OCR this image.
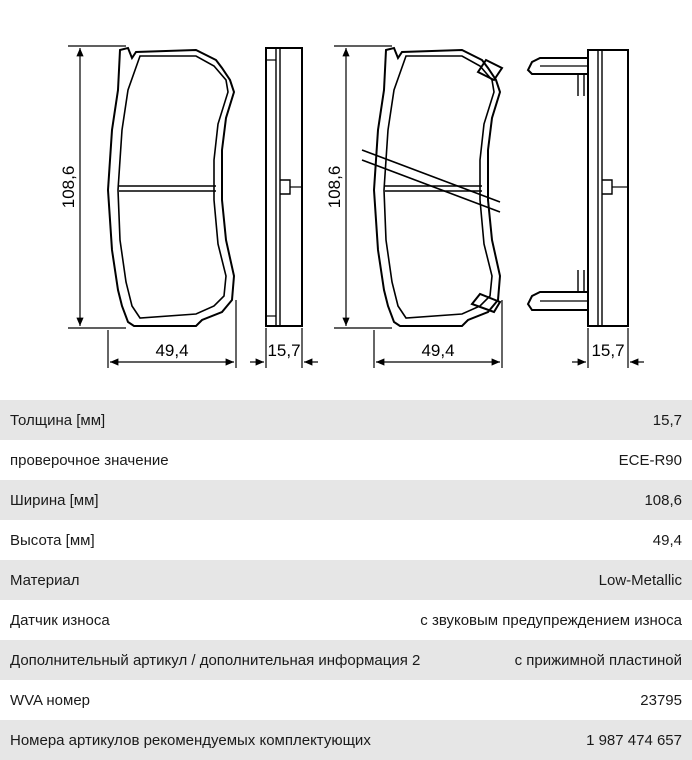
108,6
49,4	15,7
108,6
49,4	15,7
Толщина [мм]	15,7
проверочное значение	ECE-R90
Ширина [мм]	108,6
Высота [мм]	49,4
Материал	Low-Metallic
Датчик износа	с звуковым предупреждением износа
Дополнительный артикул / дополнительная информация 2	с прижимной пластиной
WVA номер	23795
Номера артикулов рекомендуемых комплектующих	1 987 474 657
